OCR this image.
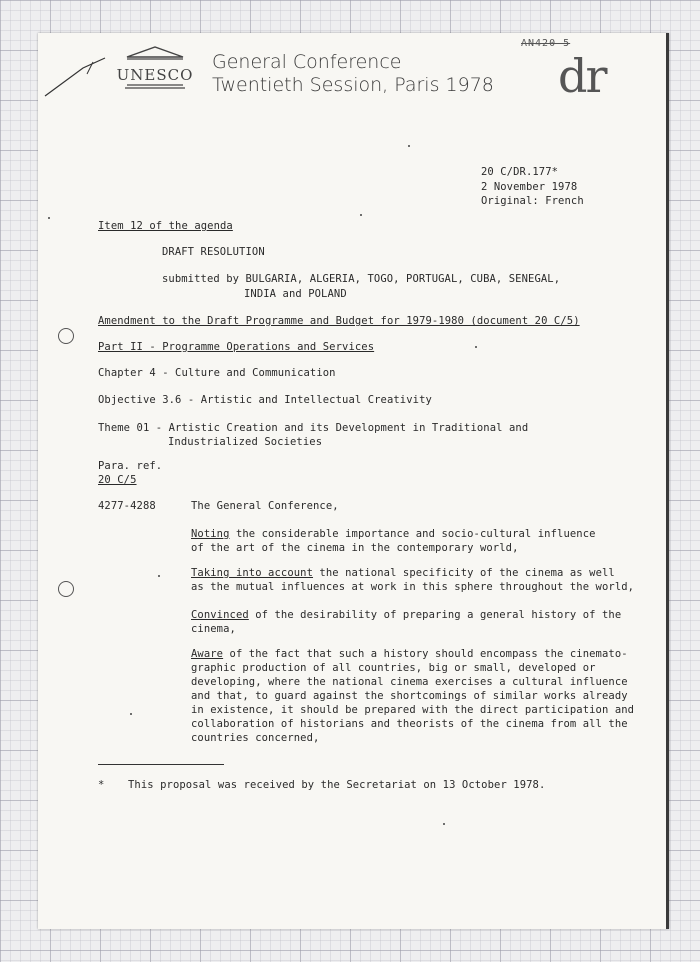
UNESCO
General Conference
Twentieth Session, Paris 1978
AN420 5
dr
20 C/DR.177*
2 November 1978
Original: French
Item 12 of the agenda
DRAFT RESOLUTION
submitted by BULGARIA, ALGERIA, TOGO, PORTUGAL, CUBA, SENEGAL,
INDIA and POLAND
Amendment to the Draft Programme and Budget for 1979-1980 (document 20 C/5)
Part II - Programme Operations and Services
Chapter 4 - Culture and Communication
Objective 3.6 - Artistic and Intellectual Creativity
Theme 01 - Artistic Creation and its Development in Traditional and
Industrialized Societies
Para. ref.
20 C/5
4277-4288	The General Conference,
Noting the considerable importance and socio-cultural influence
of the art of the cinema in the contemporary world,
Taking into account the national specificity of the cinema as well
as the mutual influences at work in this sphere throughout the world,
Convinced of the desirability of preparing a general history of the
cinema,
Aware of the fact that such a history should encompass the cinemato-
graphic production of all countries, big or small, developed or
developing, where the national cinema exercises a cultural influence
and that, to guard against the shortcomings of similar works already
in existence, it should be prepared with the direct participation and
collaboration of historians and theorists of the cinema from all the
countries concerned,
* This proposal was received by the Secretariat on 13 October 1978.
